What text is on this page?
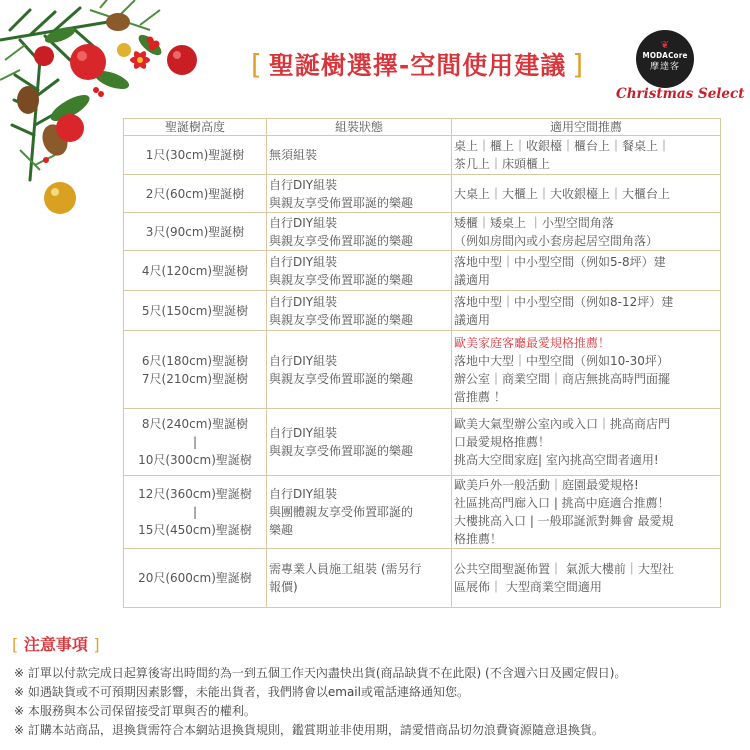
[ 聖誕樹選擇-空間使用建議 ]
❦
MODACore
摩達客
Christmas Select
聖誕樹高度	組裝狀態	適用空間推薦

1尺(30cm)聖誕樹	無須組裝	桌上｜櫃上｜收銀檯｜櫃台上｜餐桌上｜
茶几上｜床頭櫃上

2尺(60cm)聖誕樹	自行DIY組裝
與親友享受佈置耶誕的樂趣	大桌上｜大櫃上｜大收銀檯上｜大櫃台上

3尺(90cm)聖誕樹	自行DIY組裝
與親友享受佈置耶誕的樂趣	矮櫃｜矮桌上 ｜小型空間角落
（例如房間內或小套房起居空間角落）

4尺(120cm)聖誕樹	自行DIY組裝
與親友享受佈置耶誕的樂趣	落地中型｜中小型空間（例如5-8坪）建
議適用

5尺(150cm)聖誕樹	自行DIY組裝
與親友享受佈置耶誕的樂趣	落地中型｜中小型空間（例如8-12坪）建
議適用

6尺(180cm)聖誕樹
7尺(210cm)聖誕樹	自行DIY組裝
與親友享受佈置耶誕的樂趣	歐美家庭客廳最愛規格推薦！
落地中大型｜中型空間（例如10-30坪）
辦公室｜商業空間｜商店無挑高時門面擺
當推薦 ！

8尺(240cm)聖誕樹
|
10尺(300cm)聖誕樹	自行DIY組裝
與親友享受佈置耶誕的樂趣	歐美大氣型辦公室內或入口｜挑高商店門
口最愛規格推薦！
挑高大空間家庭| 室內挑高空間者適用!

12尺(360cm)聖誕樹
|
15尺(450cm)聖誕樹	自行DIY組裝
與團體親友享受佈置耶誕的
樂趣	歐美戶外一般活動｜庭園最愛規格!
社區挑高門廊入口 | 挑高中庭適合推薦！
大樓挑高入口 | 一般耶誕派對舞會 最愛規
格推薦！

20尺(600cm)聖誕樹	需專業人員施工組裝 (需另行
報價)	公共空間聖誕佈置｜ 氣派大樓前｜大型社
區展佈｜ 大型商業空間適用
[ 注意事項 ]
※ 訂單以付款完成日起算後寄出時間約為一到五個工作天內盡快出貨(商品缺貨不在此限) (不含週六日及國定假日)。
※ 如遇缺貨或不可預期因素影響，未能出貨者，我們將會以email或電話連絡通知您。
※ 本服務與本公司保留接受訂單與否的權利。
※ 訂購本站商品，退換貨需符合本網站退換貨規則，鑑賞期並非使用期，請愛惜商品切勿浪費資源隨意退換貨。
